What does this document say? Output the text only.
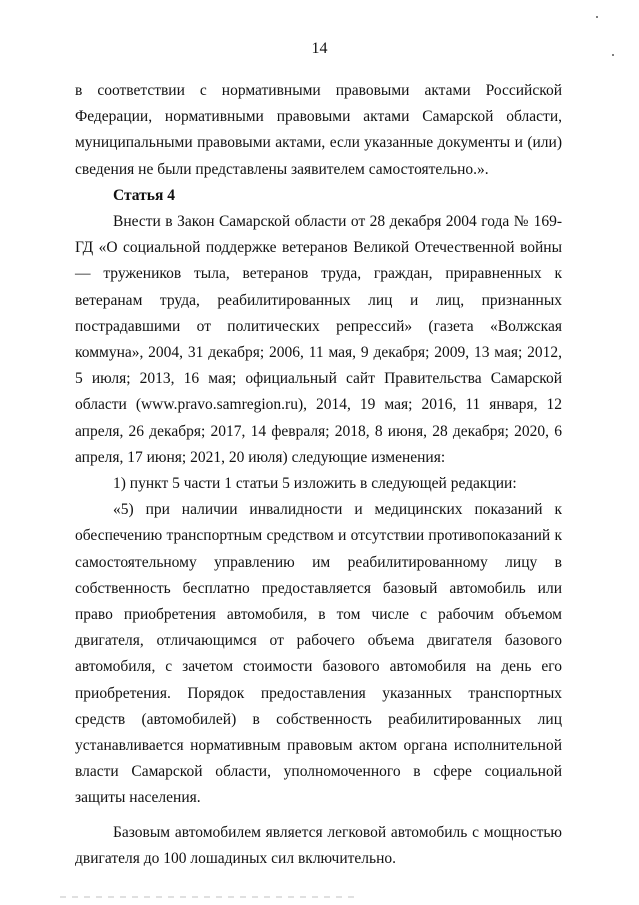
14

в соответствии с нормативными правовыми актами Российской Федерации, нормативными правовыми актами Самарской области, муниципальными правовыми актами, если указанные документы и (или) сведения не были представлены заявителем самостоятельно.».

Статья 4

Внести в Закон Самарской области от 28 декабря 2004 года № 169-ГД «О социальной поддержке ветеранов Великой Отечественной войны — тружеников тыла, ветеранов труда, граждан, приравненных к ветеранам труда, реабилитированных лиц и лиц, признанных пострадавшими от политических репрессий» (газета «Волжская коммуна», 2004, 31 декабря; 2006, 11 мая, 9 декабря; 2009, 13 мая; 2012, 5 июля; 2013, 16 мая; официальный сайт Правительства Самарской области (www.pravo.samregion.ru), 2014, 19 мая; 2016, 11 января, 12 апреля, 26 декабря; 2017, 14 февраля; 2018, 8 июня, 28 декабря; 2020, 6 апреля, 17 июня; 2021, 20 июля) следующие изменения:

1) пункт 5 части 1 статьи 5 изложить в следующей редакции:

«5) при наличии инвалидности и медицинских показаний к обеспечению транспортным средством и отсутствии противопоказаний к самостоятельному управлению им реабилитированному лицу в собственность бесплатно предоставляется базовый автомобиль или право приобретения автомобиля, в том числе с рабочим объемом двигателя, отличающимся от рабочего объема двигателя базового автомобиля, с зачетом стоимости базового автомобиля на день его приобретения. Порядок предоставления указанных транспортных средств (автомобилей) в собственность реабилитированных лиц устанавливается нормативным правовым актом органа исполнительной власти Самарской области, уполномоченного в сфере социальной защиты населения.

Базовым автомобилем является легковой автомобиль с мощностью двигателя до 100 лошадиных сил включительно.
